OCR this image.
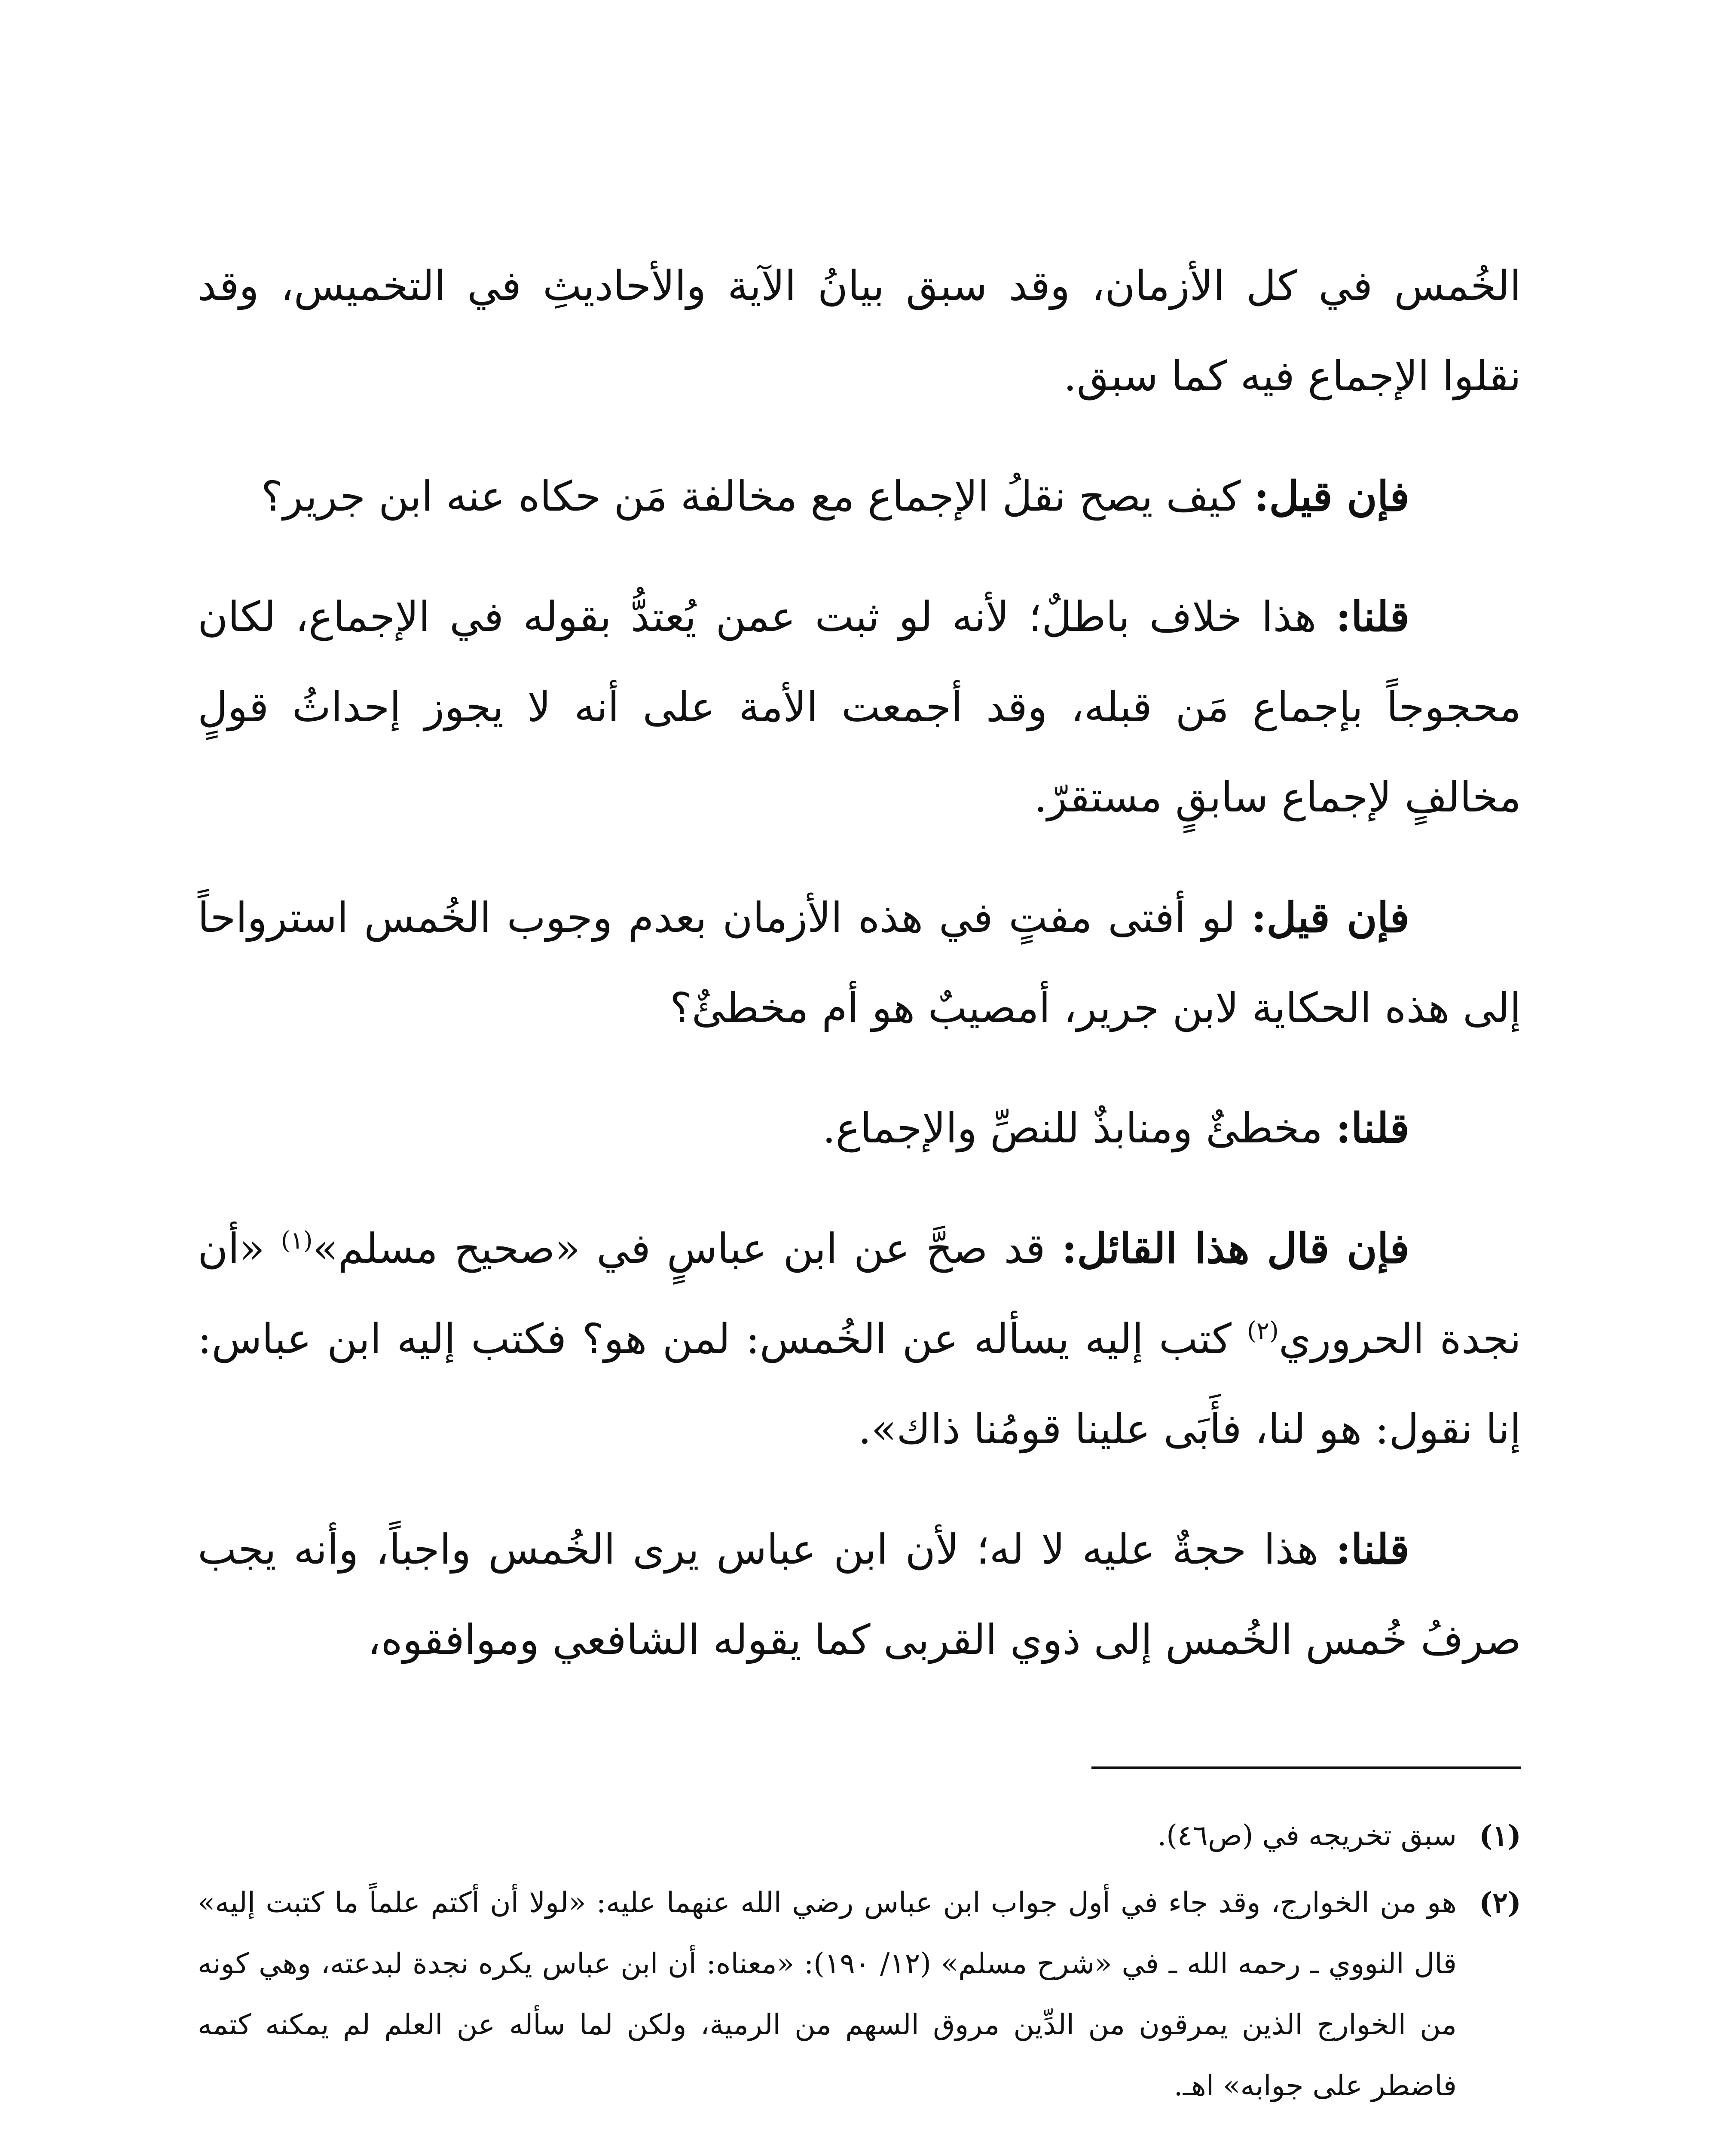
الخُمس في كل الأزمان، وقد سبق بيانُ الآية والأحاديثِ في التخميس، وقد نقلوا الإجماع فيه كما سبق.

فإن قيل: كيف يصح نقلُ الإجماع مع مخالفة مَن حكاه عنه ابن جرير؟

قلنا: هذا خلاف باطلٌ؛ لأنه لو ثبت عمن يُعتدُّ بقوله في الإجماع، لكان محجوجاً بإجماع مَن قبله، وقد أجمعت الأمة على أنه لا يجوز إحداثُ قولٍ مخالفٍ لإجماع سابقٍ مستقرّ.

فإن قيل: لو أفتى مفتٍ في هذه الأزمان بعدم وجوب الخُمس استرواحاً إلى هذه الحكاية لابن جرير، أمصيبٌ هو أم مخطئٌ؟

قلنا: مخطئٌ ومنابذٌ للنصِّ والإجماع.

فإن قال هذا القائل: قد صحَّ عن ابن عباسٍ في «صحيح مسلم»$^{(١)}$ «أن نجدة الحروري$^{(٢)}$ كتب إليه يسأله عن الخُمس: لمن هو؟ فكتب إليه ابن عباس: إنا نقول: هو لنا، فأَبَى علينا قومُنا ذاك».

قلنا: هذا حجةٌ عليه لا له؛ لأن ابن عباس يرى الخُمس واجباً، وأنه يجب صرفُ خُمس الخُمس إلى ذوي القربى كما يقوله الشافعي وموافقوه،

(١)
سبق تخريجه في (ص٤٦).
(٢)
هو من الخوارج، وقد جاء في أول جواب ابن عباس رضي الله عنهما عليه: «لولا أن أكتم علماً ما كتبت إليه» قال النووي ـ رحمه الله ـ في «شرح مسلم» (١٢/ ١٩٠): «معناه: أن ابن عباس يكره نجدة لبدعته، وهي كونه من الخوارج الذين يمرقون من الدِّين مروق السهم من الرمية، ولكن لما سأله عن العلم لم يمكنه كتمه فاضطر على جوابه» اهـ.
